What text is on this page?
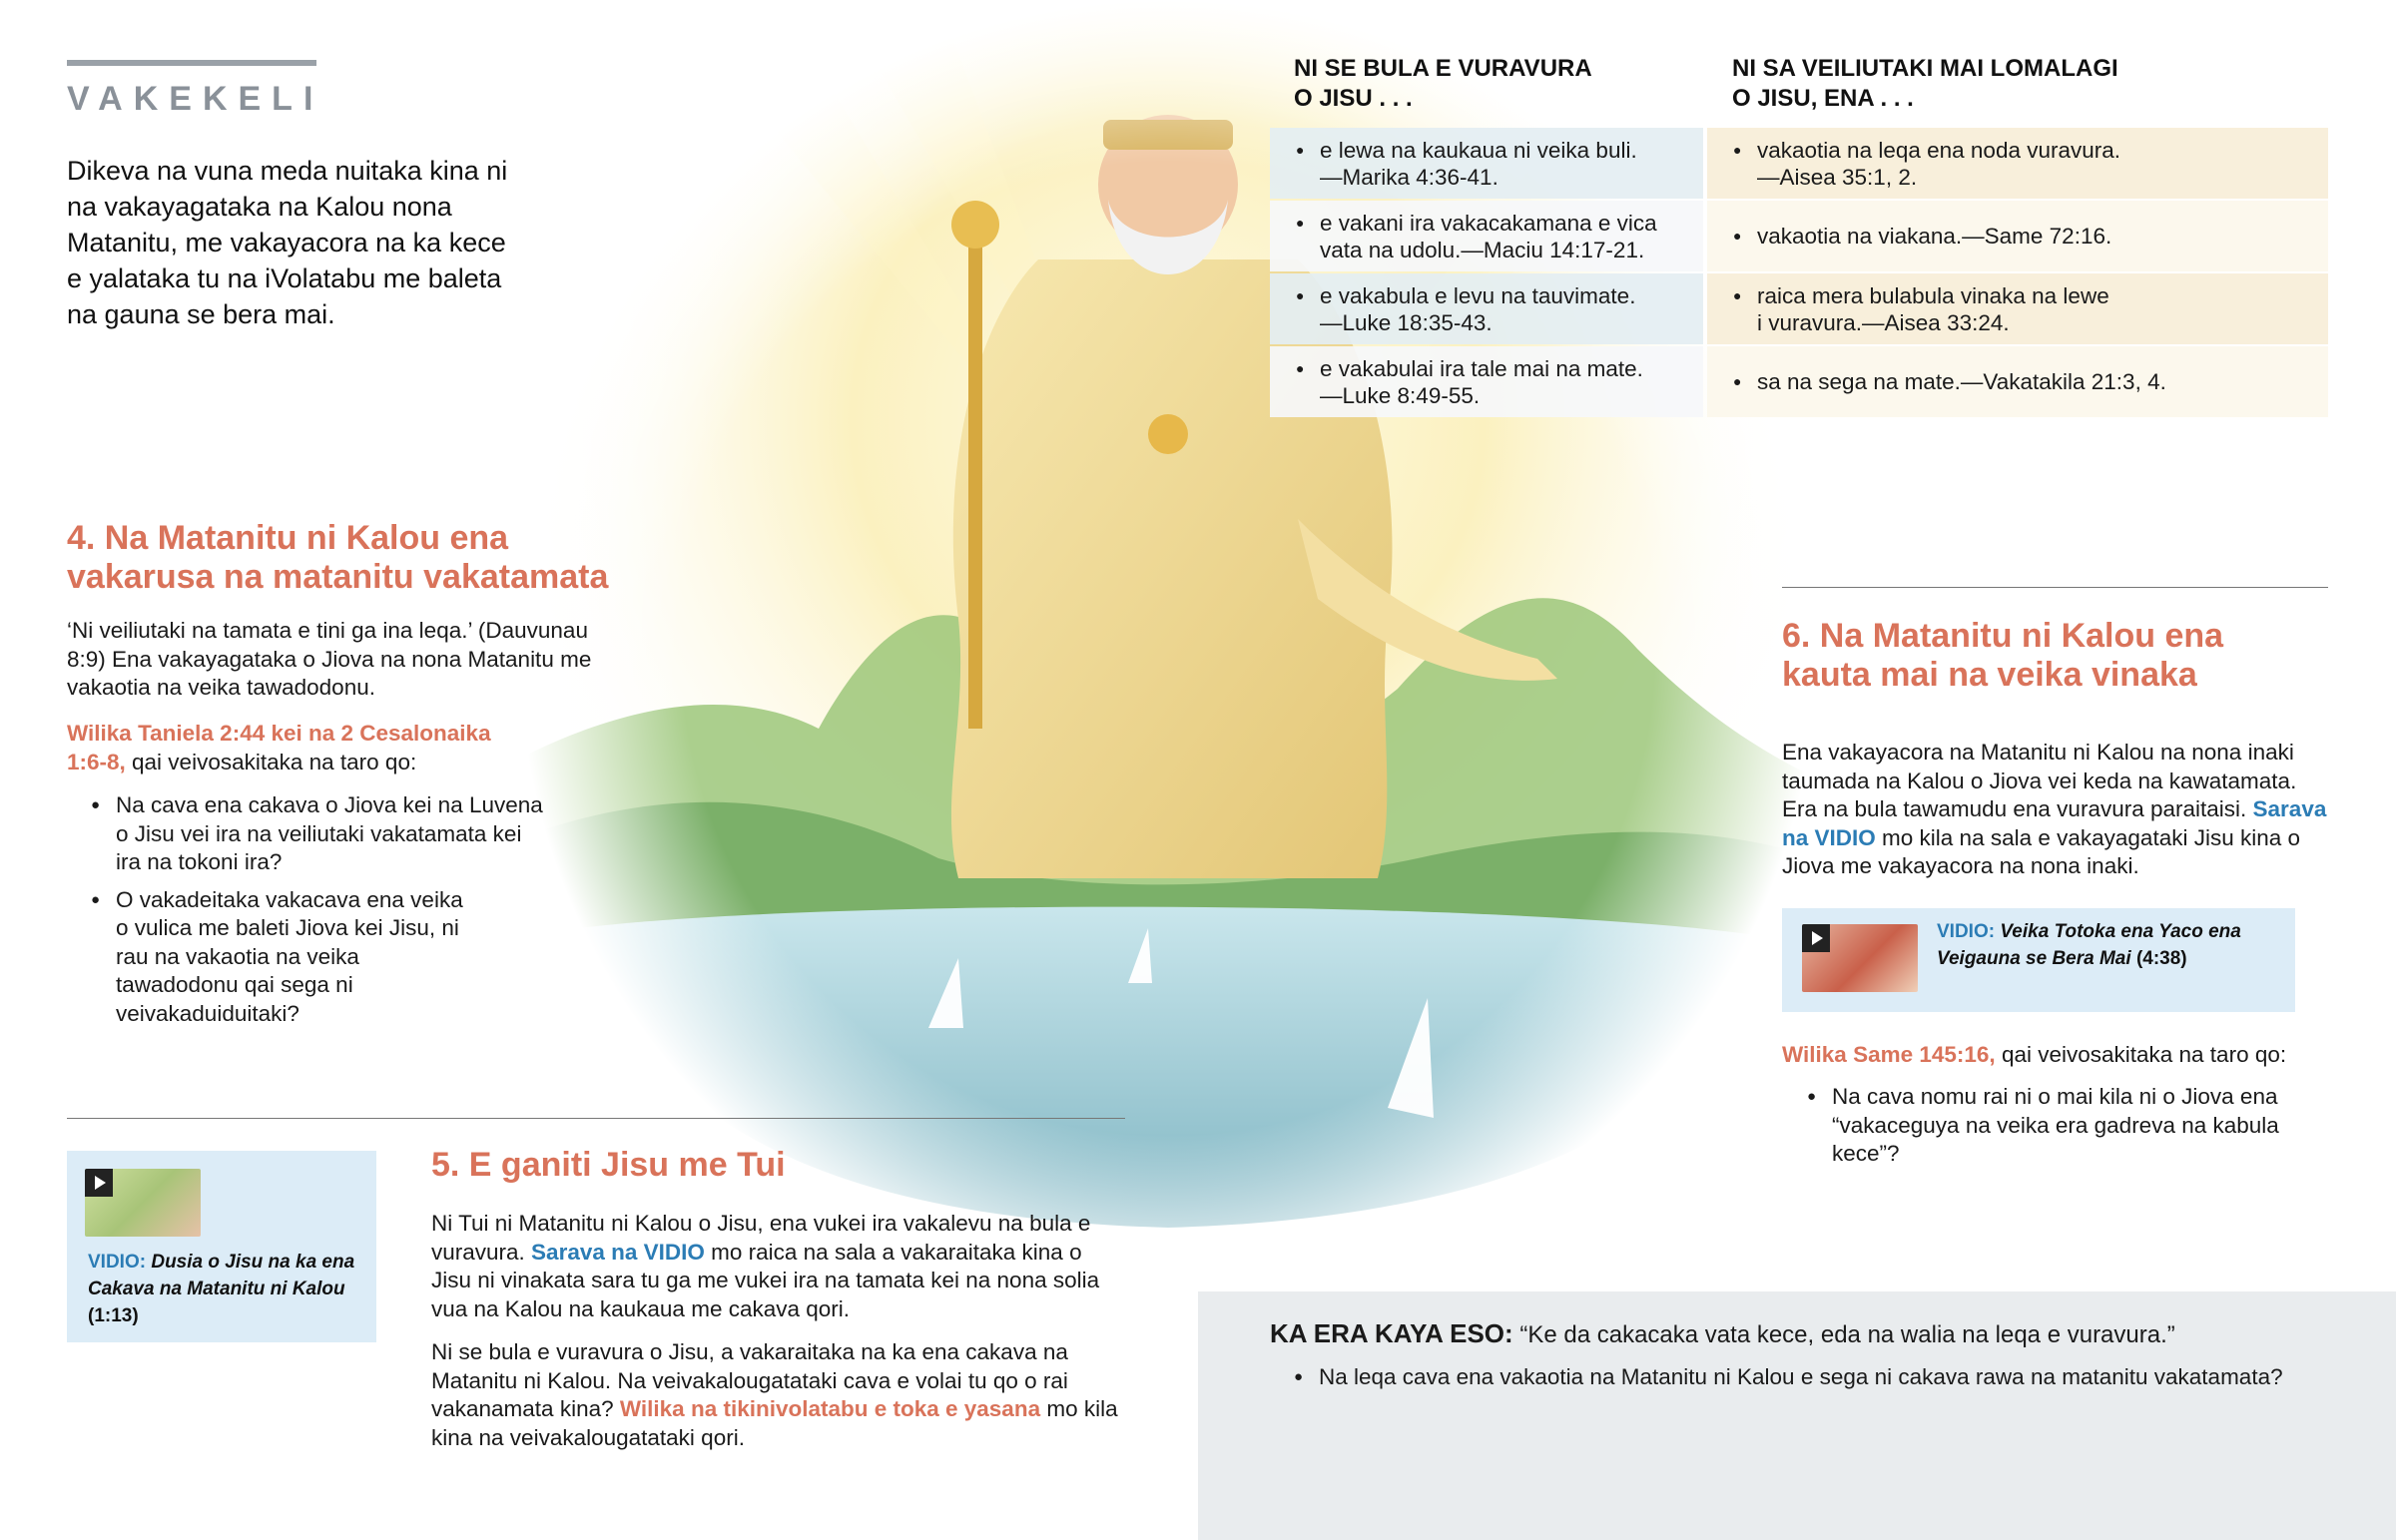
VAKEKELI
Dikeva na vuna meda nuitaka kina ni na vakayagataka na Kalou nona Matanitu, me vakayacora na ka kece e yalataka tu na iVolatabu me baleta na gauna se bera mai.
4. Na Matanitu ni Kalou ena
vakarusa na matanitu vakatamata
‘Ni veiliutaki na tamata e tini ga ina leqa.’ (Dauvunau 8:9) Ena vakayagataka o Jiova na nona Matanitu me vakaotia na veika tawadodonu.
Wilika Taniela 2:44 kei na 2 Cesalonaika 1:6-8, qai veivosakitaka na taro qo:
● Na cava ena cakava o Jiova kei na Luvena o Jisu vei ira na veiliutaki vakatamata kei ira na tokoni ira?
● O vakadeitaka vakacava ena veika o vulica me baleti Jiova kei Jisu, ni rau na vakaotia na veika tawadodonu qai sega ni veivakaduiduitaki?
NI SE BULA E VURAVURA
O JISU . . .
NI SA VEILIUTAKI MAI LOMALAGI
O JISU, ENA . . .
● e lewa na kaukaua ni veika buli.
—Marika 4:36-41.
● e vakani ira vakacakamana e vica
vata na udolu.—Maciu 14:17-21.
● e vakabula e levu na tauvimate.
—Luke 18:35-43.
● e vakabulai ira tale mai na mate.
—Luke 8:49-55.
● vakaotia na leqa ena noda vuravura.
—Aisea 35:1, 2.
● vakaotia na viakana.—Same 72:16.
● raica mera bulabula vinaka na lewe
i vuravura.—Aisea 33:24.
● sa na sega na mate.—Vakatakila 21:3, 4.
6. Na Matanitu ni Kalou ena
kauta mai na veika vinaka
Ena vakayacora na Matanitu ni Kalou na nona inaki taumada na Kalou o Jiova vei keda na kawatamata. Era na bula tawamudu ena vuravura paraitaisi. Sarava na VIDIO mo kila na sala e vakayagataki Jisu kina o Jiova me vakayacora na nona inaki.
VIDIO: Veika Totoka ena Yaco ena Veigauna se Bera Mai (4:38)
Wilika Same 145:16, qai veivosakitaka na taro qo:
● Na cava nomu rai ni o mai kila ni o Jiova ena “vakaceguya na veika era gadreva na kabula kece”?
VIDIO: Dusia o Jisu na ka ena Cakava na Matanitu ni Kalou (1:13)
5. E ganiti Jisu me Tui
Ni Tui ni Matanitu ni Kalou o Jisu, ena vukei ira vakalevu na bula e vuravura. Sarava na VIDIO mo raica na sala a vakaraitaka kina o Jisu ni vinakata sara tu ga me vukei ira na tamata kei na nona solia vua na Kalou na kaukaua me cakava qori.
Ni se bula e vuravura o Jisu, a vakaraitaka na ka ena cakava na Matanitu ni Kalou. Na veivakalougatataki cava e volai tu qo o rai vakanamata kina? Wilika na tikinivolatabu e toka e yasana mo kila kina na veivakalougatataki qori.
KA ERA KAYA ESO: “Ke da cakacaka vata kece, eda na walia na leqa e vuravura.”
● Na leqa cava ena vakaotia na Matanitu ni Kalou e sega ni cakava rawa na matanitu vakatamata?
